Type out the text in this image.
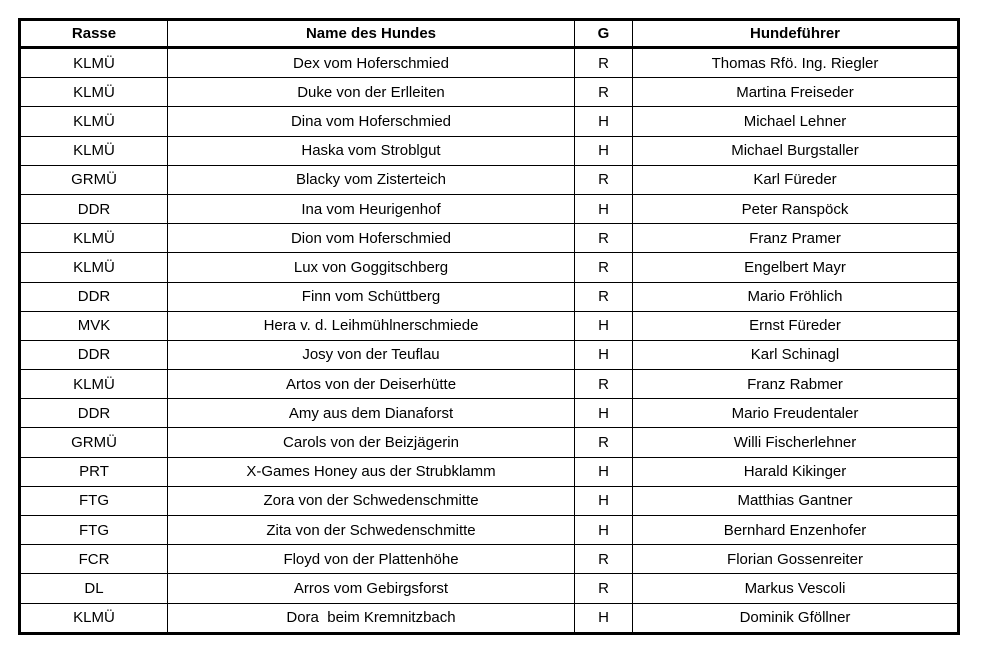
Rasse	Name des Hundes	G	Hundeführer
KLMÜ	Dex vom Hoferschmied	R	Thomas Rfö. Ing. Riegler
KLMÜ	Duke von der Erlleiten	R	Martina Freiseder
KLMÜ	Dina vom Hoferschmied	H	Michael Lehner
KLMÜ	Haska vom Stroblgut	H	Michael Burgstaller
GRMÜ	Blacky vom Zisterteich	R	Karl Füreder
DDR	Ina vom Heurigenhof	H	Peter Ranspöck
KLMÜ	Dion vom Hoferschmied	R	Franz Pramer
KLMÜ	Lux von Goggitschberg	R	Engelbert Mayr
DDR	Finn vom Schüttberg	R	Mario Fröhlich
MVK	Hera v. d. Leihmühlnerschmiede	H	Ernst Füreder
DDR	Josy von der Teuflau	H	Karl Schinagl
KLMÜ	Artos von der Deiserhütte	R	Franz Rabmer
DDR	Amy aus dem Dianaforst	H	Mario Freudentaler
GRMÜ	Carols von der Beizjägerin	R	Willi Fischerlehner
PRT	X-Games Honey aus der Strubklamm	H	Harald Kikinger
FTG	Zora von der Schwedenschmitte	H	Matthias Gantner
FTG	Zita von der Schwedenschmitte	H	Bernhard Enzenhofer
FCR	Floyd von der Plattenhöhe	R	Florian Gossenreiter
DL	Arros vom Gebirgsforst	R	Markus Vescoli
KLMÜ	Dora  beim Kremnitzbach	H	Dominik Gföllner
